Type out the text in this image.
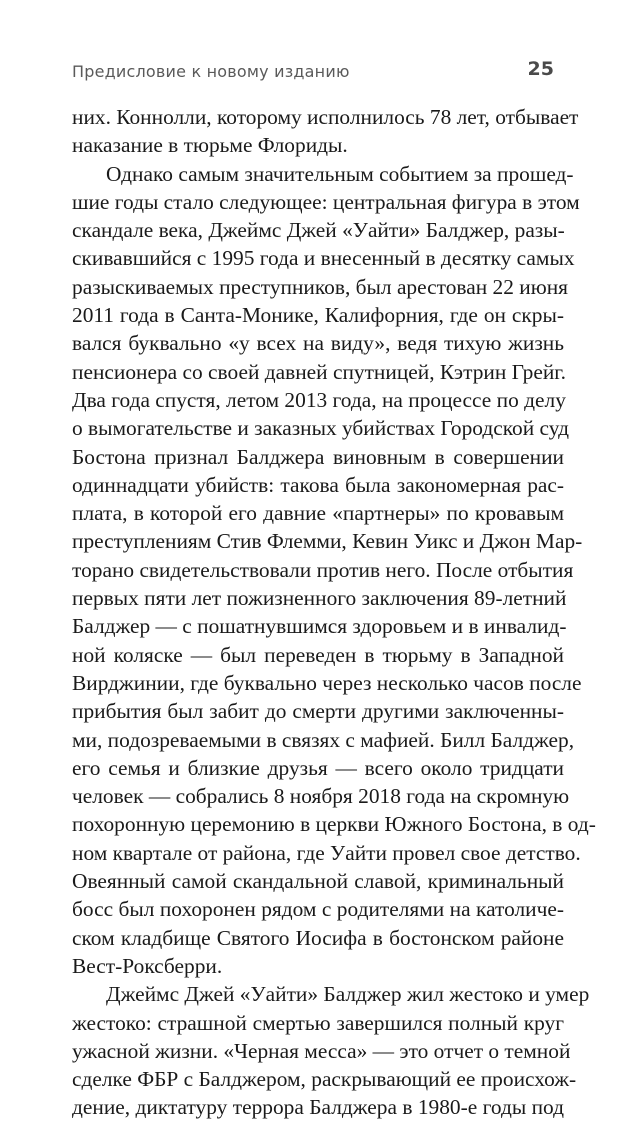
Предисловие к новому изданию	25
них. Коннолли, которому исполнилось 78 лет, отбывает
наказание в тюрьме Флориды.
Однако самым значительным событием за прошед-
шие годы стало следующее: центральная фигура в этом
скандале века, Джеймс Джей «Уайти» Балджер, разы-
скивавшийся с 1995 года и внесенный в десятку самых
разыскиваемых преступников, был арестован 22 июня
2011 года в Санта-Монике, Калифорния, где он скры-
вался буквально «у всех на виду», ведя тихую жизнь
пенсионера со своей давней спутницей, Кэтрин Грейг.
Два года спустя, летом 2013 года, на процессе по делу
о вымогательстве и заказных убийствах Городской суд
Бостона признал Балджера виновным в совершении
одиннадцати убийств: такова была закономерная рас-
плата, в которой его давние «партнеры» по кровавым
преступлениям Стив Флемми, Кевин Уикс и Джон Мар-
торано свидетельствовали против него. После отбытия
первых пяти лет пожизненного заключения 89-летний
Балджер — с пошатнувшимся здоровьем и в инвалид-
ной коляске — был переведен в тюрьму в Западной
Вирджинии, где буквально через несколько часов после
прибытия был забит до смерти другими заключенны-
ми, подозреваемыми в связях с мафией. Билл Балджер,
его семья и близкие друзья — всего около тридцати
человек — собрались 8 ноября 2018 года на скромную
похоронную церемонию в церкви Южного Бостона, в од-
ном квартале от района, где Уайти провел свое детство.
Овеянный самой скандальной славой, криминальный
босс был похоронен рядом с родителями на католиче-
ском кладбище Святого Иосифа в бостонском районе
Вест-Роксберри.
Джеймс Джей «Уайти» Балджер жил жестоко и умер
жестоко: страшной смертью завершился полный круг
ужасной жизни. «Черная месса» — это отчет о темной
сделке ФБР с Балджером, раскрывающий ее происхож-
дение, диктатуру террора Балджера в 1980-е годы под
